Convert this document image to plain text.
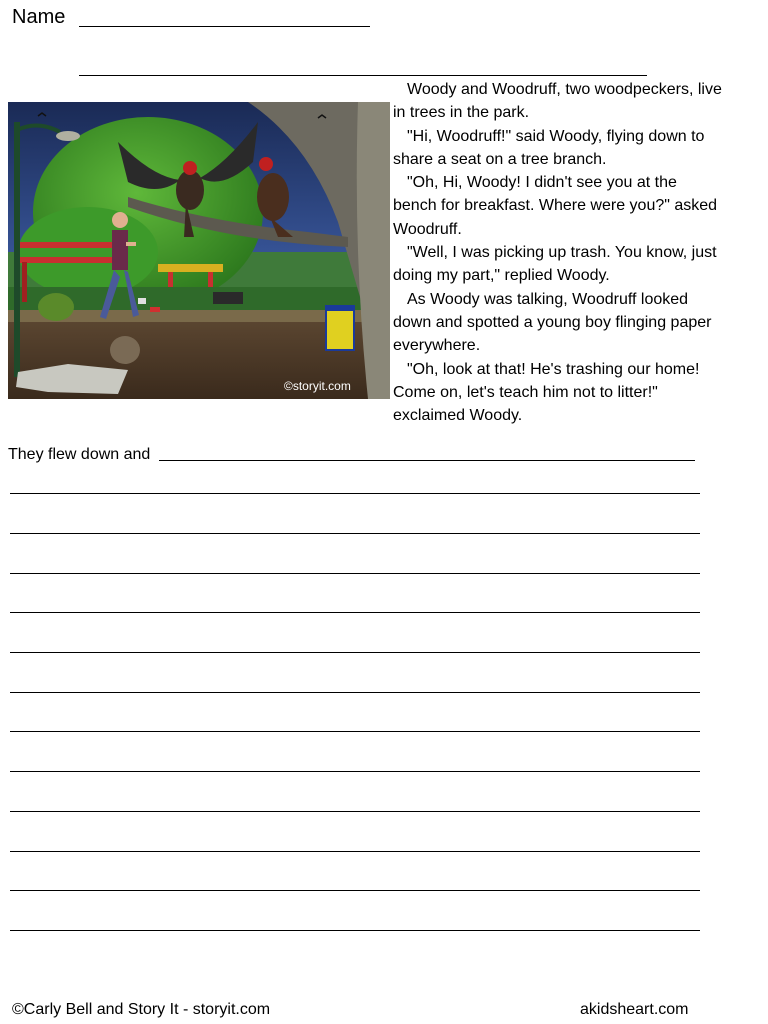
Name
©storyit.com

Woody and Woodruff, two woodpeckers, live in trees in the park.

"Hi, Woodruff!" said Woody, flying down to share a seat on a tree branch.

"Oh, Hi, Woody! I didn't see you at the bench for breakfast. Where were you?" asked Woodruff.

"Well, I was picking up trash. You know, just doing my part," replied Woody.

As Woody was talking, Woodruff looked down and spotted a young boy flinging paper everywhere.

"Oh, look at that! He's trashing our home! Come on, let's teach him not to litter!" exclaimed Woody.

They flew down and
©Carly Bell and Story It - storyit.com	akidsheart.com
